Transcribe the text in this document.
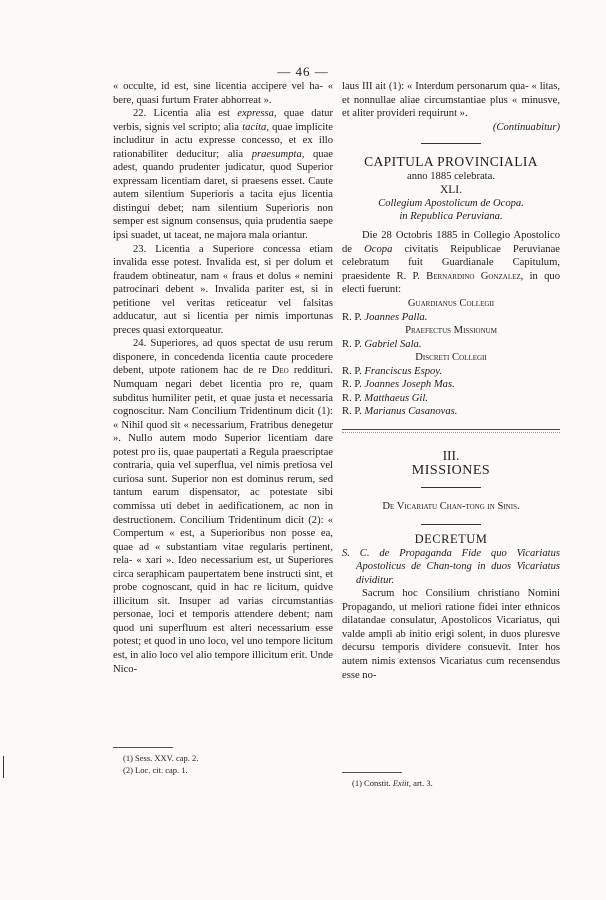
— 46 —

« occulte, id est, sine licentia accipere vel ha- « bere, quasi furtum Frater abhorreat ».

22. Licentia alia est expressa, quae datur verbis, signis vel scripto; alia tacita, quae implicite includitur in actu expresse concesso, et ex illo rationabiliter deducitur; alia praesumpta, quae adest, quando prudenter judicatur, quod Superior expressam licentiam daret, si praesens esset. Caute autem silentium Superioris a tacita ejus licentia distingui debet; nam silentium Superioris non semper est signum consensus, quia prudentia saepe ipsi suadet, ut taceat, ne majora mala oriantur.

23. Licentia a Superiore concessa etiam invalida esse potest. Invalida est, si per dolum et fraudem obtineatur, nam « fraus et dolus « nemini patrocinari debent ». Invalida pariter est, si in petitione vel veritas reticeatur vel falsitas adducatur, aut si licentia per nimis importunas preces quasi extorqueatur.

24. Superiores, ad quos spectat de usu rerum disponere, in concedenda licentia caute procedere debent, utpote rationem hac de re Deo reddituri. Numquam negari debet licentia pro re, quam subditus humiliter petit, et quae justa et necessaria cognoscitur. Nam Concilium Tridentinum dicit (1): « Nihil quod sit « necessarium, Fratribus denegetur ». Nullo autem modo Superior licentiam dare potest pro iis, quae paupertati a Regula praescriptae contraria, quia vel superflua, vel nimis pretiosa vel curiosa sunt. Superior non est dominus rerum, sed tantum earum dispensator, ac potestate sibi commissa uti debet in aedificationem, ac non in destructionem. Concilium Tridentinum dicit (2): « Compertum « est, a Superioribus non posse ea, quae ad « substantiam vitae regularis pertinent, rela- « xari ». Ideo necessarium est, ut Superiores circa seraphicam paupertatem bene instructi sint, et probe cognoscant, quid in hac re licitum, quidve illicitum sit. Insuper ad varias circumstantias personae, loci et temporis attendere debent; nam quod uni superfluum est alteri necessarium esse potest; et quod in uno loco, vel uno tempore licitum est, in alio loco vel alio tempore illicitum erit. Unde Nico-

(1) Sess. XXV. cap. 2.

(2) Loc. cit. cap. 1.

laus III ait (1): « Interdum personarum qua- « litas, et nonnullae aliae circumstantiae plus « minusve, et aliter provideri requirunt ».

(Continuabitur)

CAPITULA PROVINCIALIA

anno 1885 celebrata.

XLI.

Collegium Apostolicum de Ocopa.

in Republica Peruviana.

Die 28 Octobris 1885 in Collegio Apostolico de Ocopa civitatis Reipublicae Peruvianae celebratum fuit Guardianale Capitulum, praesidente R. P. Bernardino Gonzalez, in quo electi fuerunt:

Guardianus Collegii

R. P. Joannes Palla.

Praefectus Missionum

R. P. Gabriel Sala.

Discreti Collegii

R. P. Franciscus Espoy.

R. P. Joannes Joseph Mas.

R. P. Matthaeus Gil.

R. P. Marianus Casanovas.

III.

MISSIONES

De Vicariatu Chan-tong in Sinis.

DECRETUM

S. C. de Propaganda Fide quo Vicariatus Apostolicus de Chan-tong in duos Vicariatus dividitur.

Sacrum hoc Consilium christiano Nomini Propagando, ut meliori ratione fidei inter ethnicos dilatandae consulatur, Apostolicos Vicariatus, qui valde ampli ab initio erigi solent, in duos pluresve decursu temporis dividere consuevit. Inter hos autem nimis extensos Vicariatus cum recensendus esse no-

(1) Constit. Exiit, art. 3.
